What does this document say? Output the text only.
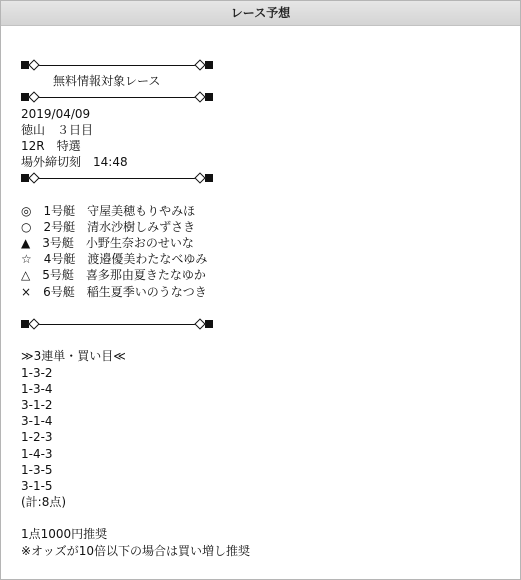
レース予想
無料情報対象レース
2019/04/09
徳山　３日目
12R　特選
場外締切刻　14:48
◎　1号艇　守屋美穂もりやみほ
○　2号艇　清水沙樹しみずさき
▲　3号艇　小野生奈おのせいな
☆　4号艇　渡邉優美わたなべゆみ
△　5号艇　喜多那由夏きたなゆか
×　6号艇　稲生夏季いのうなつき
≫3連単・買い目≪
1-3-2
1-3-4
3-1-2
3-1-4
1-2-3
1-4-3
1-3-5
3-1-5
(計:8点)
1点1000円推奨
※オッズが10倍以下の場合は買い増し推奨
